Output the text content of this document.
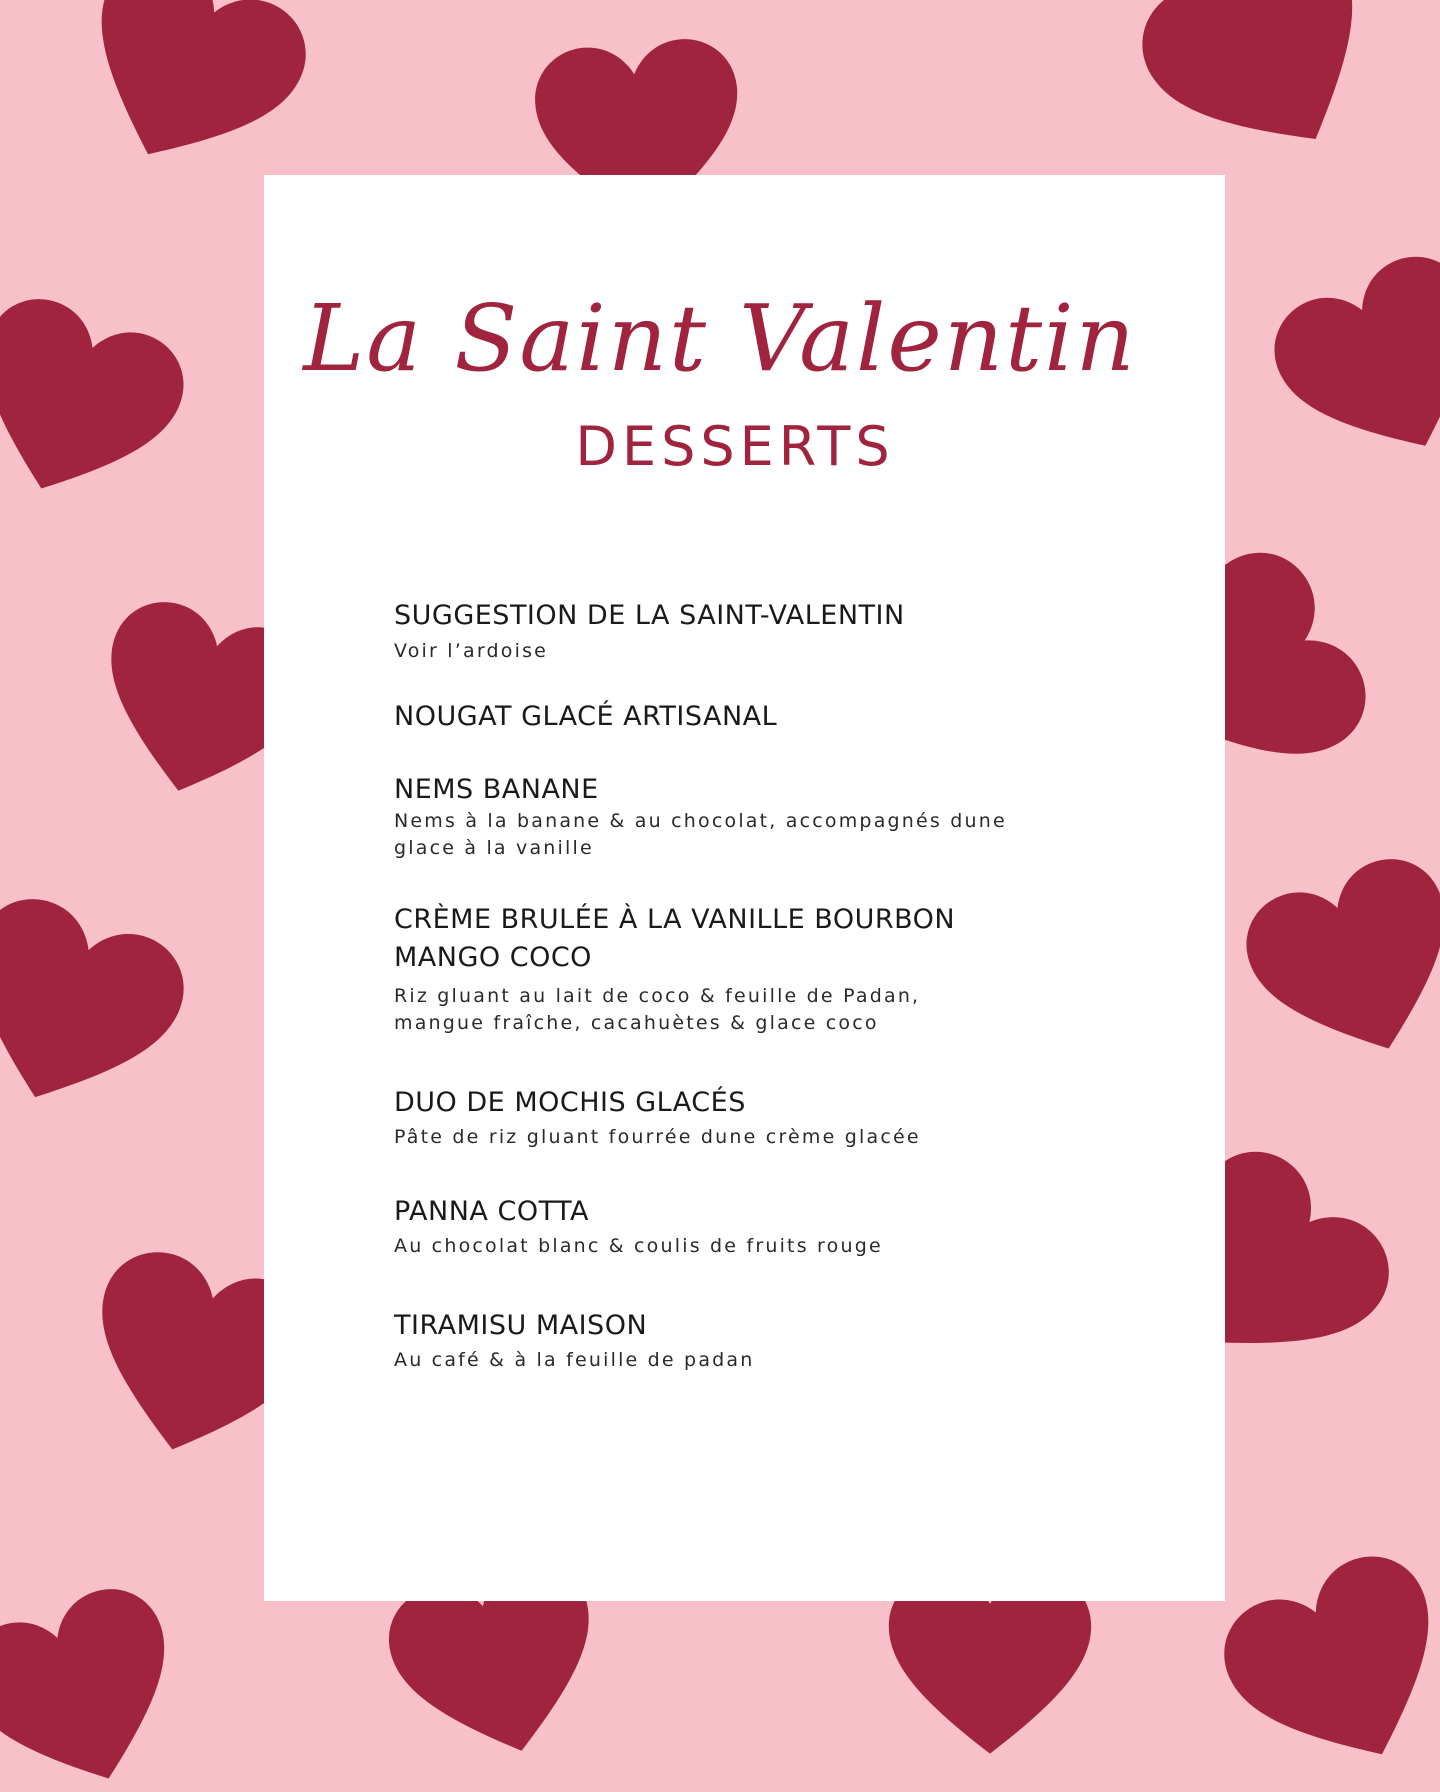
La Saint Valentin
DESSERTS
SUGGESTION DE LA SAINT-VALENTIN
Voir l’ardoise
NOUGAT GLACÉ ARTISANAL
NEMS BANANE
Nems à la banane & au chocolat, accompagnés dune
glace à la vanille
CRÈME BRULÉE À LA VANILLE BOURBON
MANGO COCO
Riz gluant au lait de coco & feuille de Padan,
mangue fraîche, cacahuètes & glace coco
DUO DE MOCHIS GLACÉS
Pâte de riz gluant fourrée dune crème glacée
PANNA COTTA
Au chocolat blanc & coulis de fruits rouge
TIRAMISU MAISON
Au café & à la feuille de padan
